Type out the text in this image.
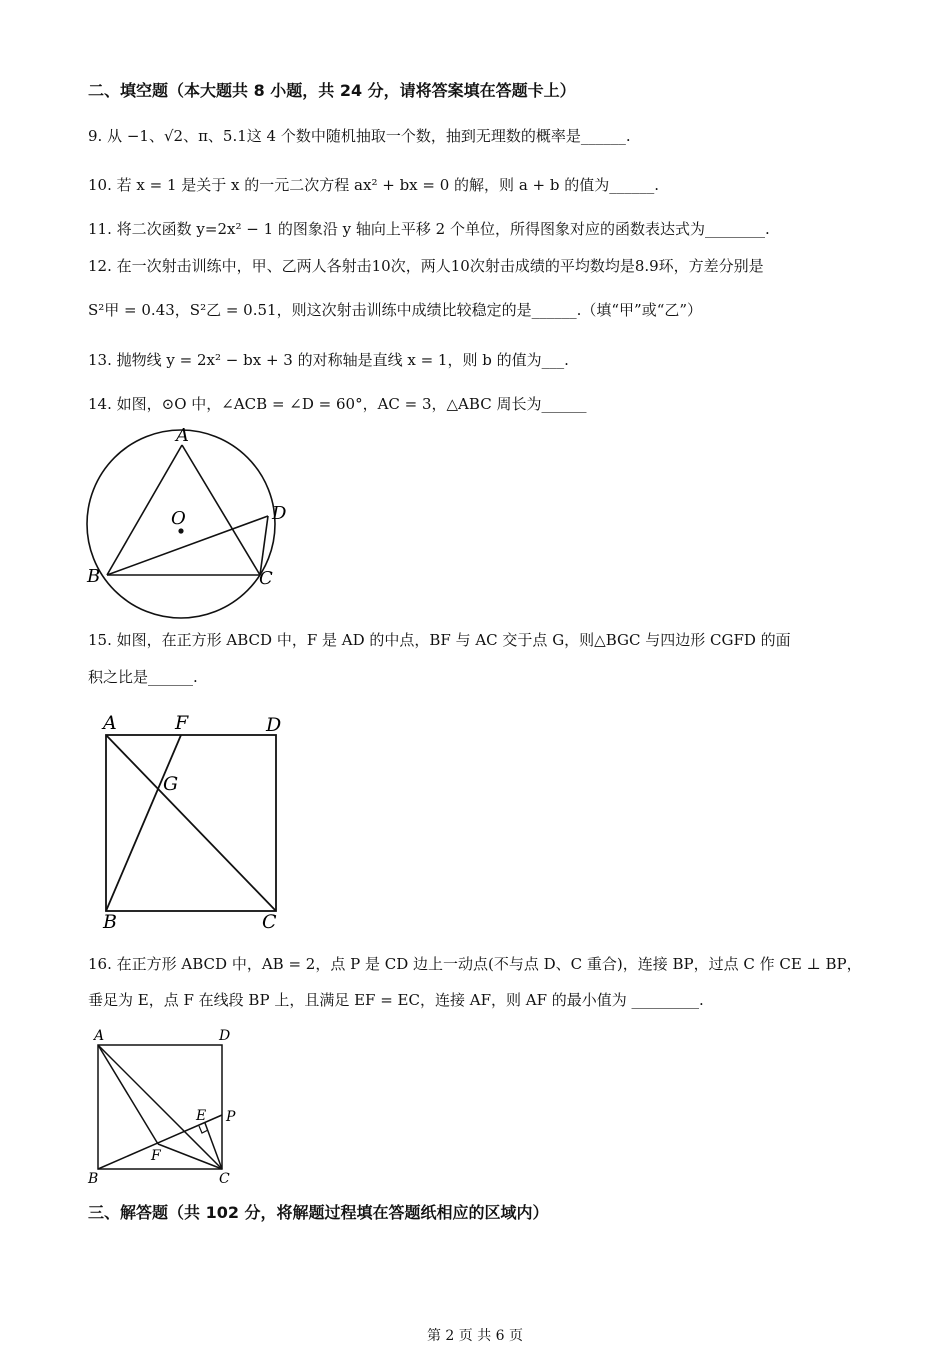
二、填空题（本大题共 8 小题，共 24 分，请将答案填在答题卡上）
9. 从 −1、√2、π、5.1这 4 个数中随机抽取一个数，抽到无理数的概率是______.
10. 若 x = 1 是关于 x 的一元二次方程 ax² + bx = 0 的解，则 a + b 的值为______.
11. 将二次函数 y=2x² − 1 的图象沿 y 轴向上平移 2 个单位，所得图象对应的函数表达式为________.
12. 在一次射击训练中，甲、乙两人各射击10次，两人10次射击成绩的平均数均是8.9环，方差分别是
S²甲 = 0.43，S²乙 = 0.51，则这次射击训练中成绩比较稳定的是______.（填“甲”或“乙”）
13. 抛物线 y = 2x² − bx + 3 的对称轴是直线 x = 1，则 b 的值为___.
14. 如图，⊙O 中，∠ACB = ∠D = 60°，AC = 3，△ABC 周长为______
A
O	D
B	C
15. 如图，在正方形 ABCD 中，F 是 AD 的中点，BF 与 AC 交于点 G，则△BGC 与四边形 CGFD 的面
积之比是______.
A	F	D
G
B	C
16. 在正方形 ABCD 中，AB = 2，点 P 是 CD 边上一动点(不与点 D、C 重合)，连接 BP，过点 C 作 CE ⊥ BP，
垂足为 E，点 F 在线段 BP 上，且满足 EF = EC，连接 AF，则 AF 的最小值为 _________.
A	D
E P
F
B	C
三、解答题（共 102 分，将解题过程填在答题纸相应的区域内）
第 2 页 共 6 页
